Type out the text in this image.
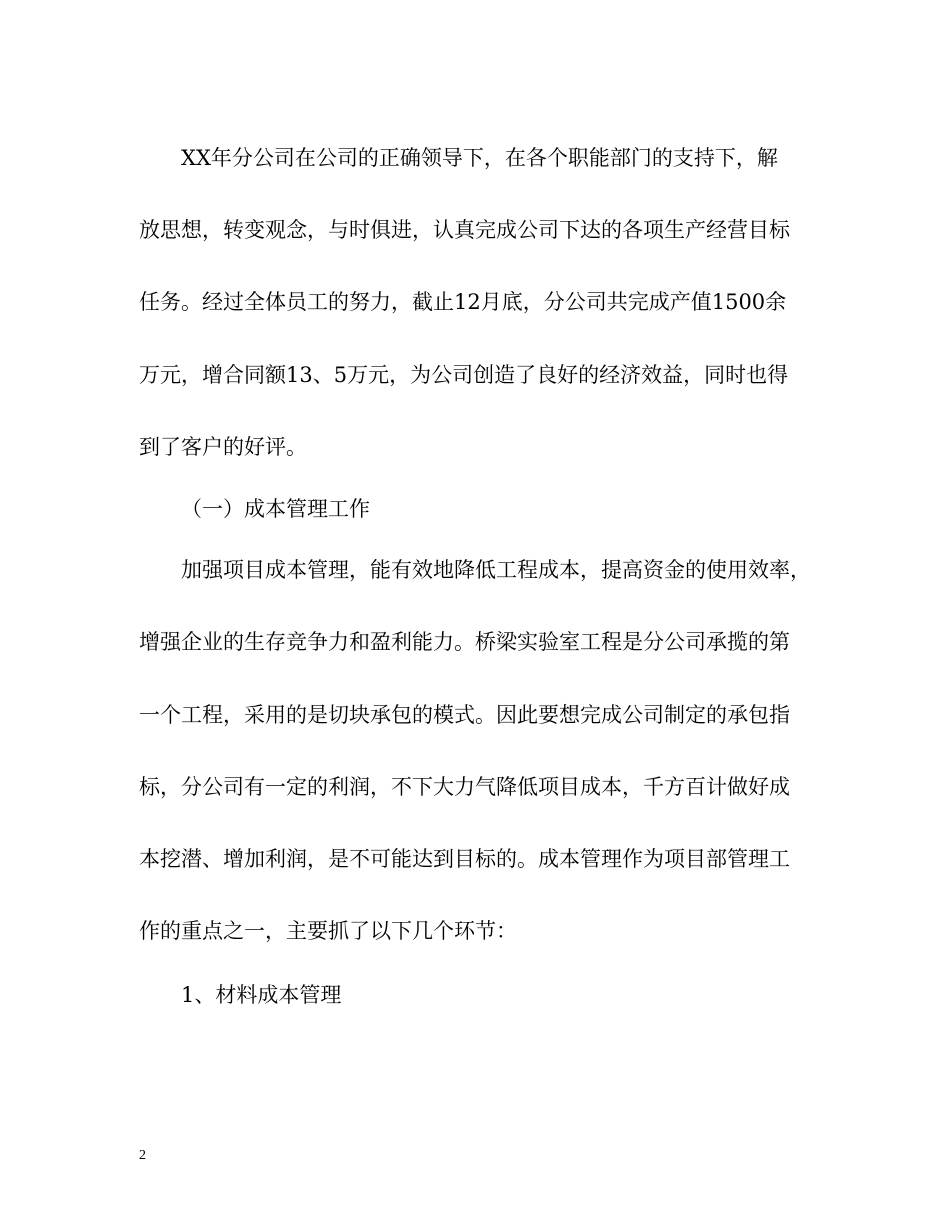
XX年分公司在公司的正确领导下，在各个职能部门的支持下，解
放思想，转变观念，与时俱进，认真完成公司下达的各项生产经营目标
任务。经过全体员工的努力，截止12月底，分公司共完成产值1500余
万元，增合同额13、5万元，为公司创造了良好的经济效益，同时也得
到了客户的好评。
（一）成本管理工作
加强项目成本管理，能有效地降低工程成本，提高资金的使用效率，
增强企业的生存竞争力和盈利能力。桥梁实验室工程是分公司承揽的第
一个工程，采用的是切块承包的模式。因此要想完成公司制定的承包指
标，分公司有一定的利润，不下大力气降低项目成本，千方百计做好成
本挖潜、增加利润，是不可能达到目标的。成本管理作为项目部管理工
作的重点之一，主要抓了以下几个环节：
1、材料成本管理
2
